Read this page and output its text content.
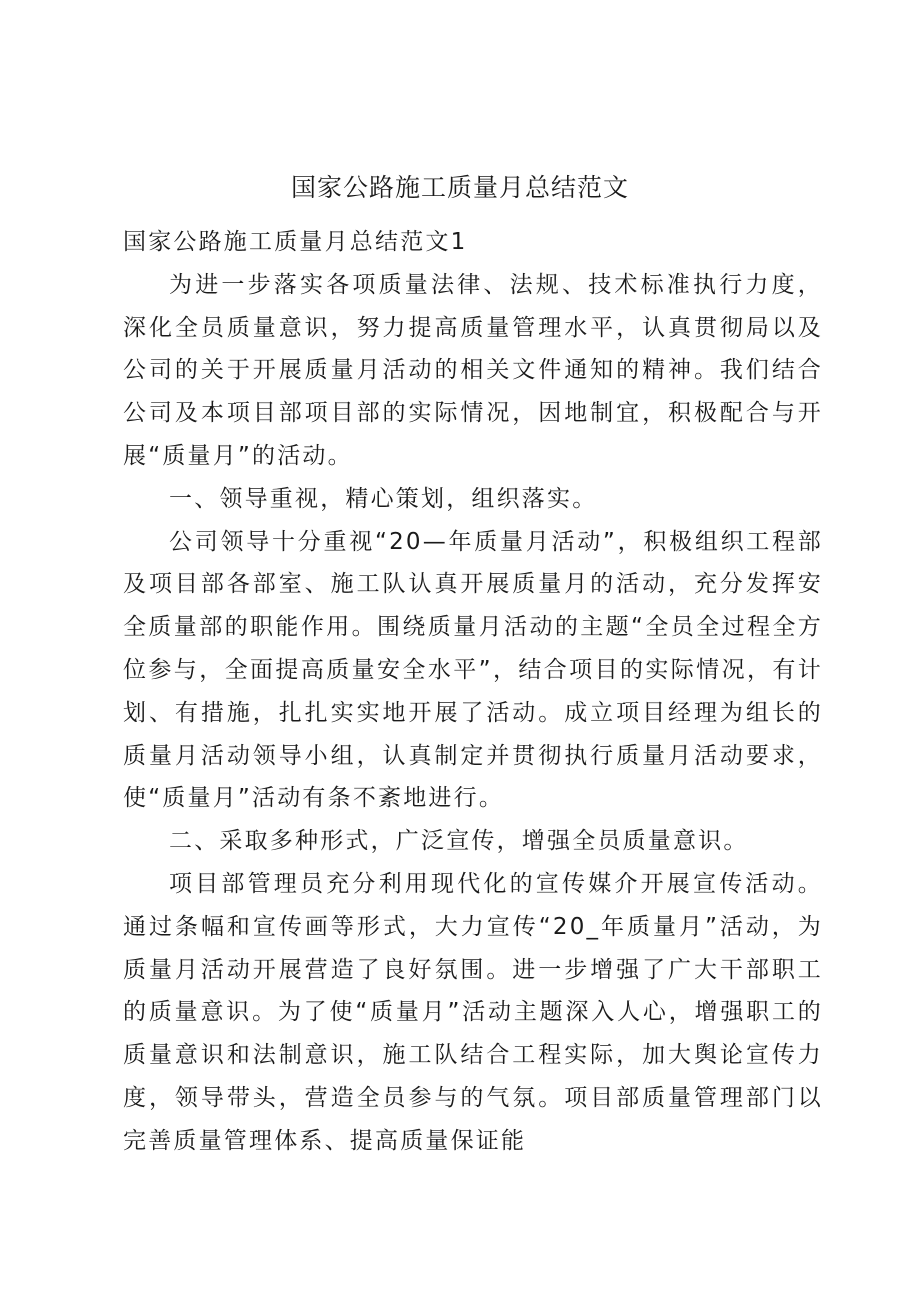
国家公路施工质量月总结范文

国家公路施工质量月总结范文1

为进一步落实各项质量法律、法规、技术标准执行力度，深化全员质量意识，努力提高质量管理水平，认真贯彻局以及公司的关于开展质量月活动的相关文件通知的精神。我们结合公司及本项目部项目部的实际情况，因地制宜，积极配合与开展“质量月”的活动。

一、领导重视，精心策划，组织落实。

公司领导十分重视“20—年质量月活动”，积极组织工程部及项目部各部室、施工队认真开展质量月的活动，充分发挥安全质量部的职能作用。围绕质量月活动的主题“全员全过程全方位参与，全面提高质量安全水平”，结合项目的实际情况，有计划、有措施，扎扎实实地开展了活动。成立项目经理为组长的质量月活动领导小组，认真制定并贯彻执行质量月活动要求，使“质量月”活动有条不紊地进行。

二、采取多种形式，广泛宣传，增强全员质量意识。

项目部管理员充分利用现代化的宣传媒介开展宣传活动。通过条幅和宣传画等形式，大力宣传“20_年质量月”活动，为质量月活动开展营造了良好氛围。进一步增强了广大干部职工的质量意识。为了使“质量月”活动主题深入人心，增强职工的质量意识和法制意识，施工队结合工程实际，加大舆论宣传力度，领导带头，营造全员参与的气氛。项目部质量管理部门以完善质量管理体系、提高质量保证能
